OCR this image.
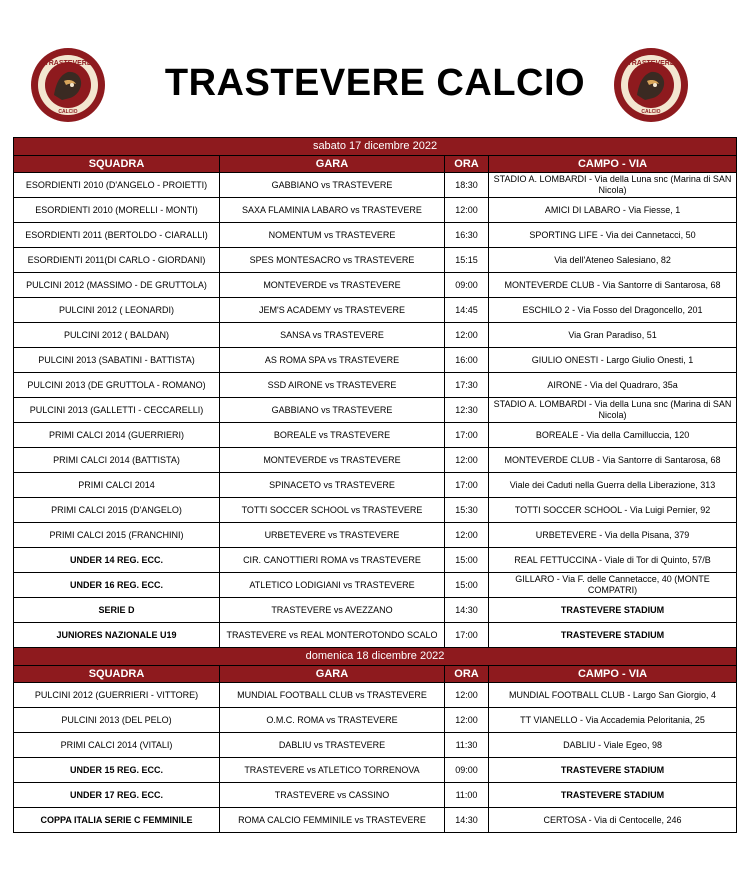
TRASTEVERE
CALCIO
TRASTEVERE CALCIO	TRASTEVERE
CALCIO
sabato 17 dicembre 2022			
SQUADRA	GARA	ORA	CAMPO - VIA
ESORDIENTI 2010 (D'ANGELO - PROIETTI)	GABBIANO vs TRASTEVERE	18:30	STADIO A. LOMBARDI - Via della Luna snc (Marina di SAN Nicola)
ESORDIENTI 2010 (MORELLI - MONTI)	SAXA FLAMINIA LABARO vs TRASTEVERE	12:00	AMICI DI LABARO - Via Fiesse, 1
ESORDIENTI 2011 (BERTOLDO - CIARALLI)	NOMENTUM vs TRASTEVERE	16:30	SPORTING LIFE - Via dei Cannetacci, 50
ESORDIENTI 2011(DI CARLO - GIORDANI)	SPES MONTESACRO vs TRASTEVERE	15:15	Via dell'Ateneo Salesiano, 82
PULCINI 2012 (MASSIMO - DE GRUTTOLA)	MONTEVERDE vs TRASTEVERE	09:00	MONTEVERDE CLUB - Via Santorre di Santarosa, 68
PULCINI 2012 ( LEONARDI)	JEM'S ACADEMY vs TRASTEVERE	14:45	ESCHILO 2 - Via Fosso del Dragoncello, 201
PULCINI 2012 ( BALDAN)	SANSA vs TRASTEVERE	12:00	Via Gran Paradiso, 51
PULCINI 2013 (SABATINI - BATTISTA)	AS ROMA SPA vs TRASTEVERE	16:00	GIULIO ONESTI - Largo Giulio Onesti, 1
PULCINI 2013 (DE GRUTTOLA - ROMANO)	SSD AIRONE vs TRASTEVERE	17:30	AIRONE - Via del Quadraro, 35a
PULCINI 2013 (GALLETTI - CECCARELLI)	GABBIANO vs TRASTEVERE	12:30	STADIO A. LOMBARDI - Via della Luna snc (Marina di SAN Nicola)
PRIMI CALCI 2014 (GUERRIERI)	BOREALE vs TRASTEVERE	17:00	BOREALE - Via della Camilluccia, 120
PRIMI CALCI 2014 (BATTISTA)	MONTEVERDE vs TRASTEVERE	12:00	MONTEVERDE CLUB - Via Santorre di Santarosa, 68
PRIMI CALCI 2014	SPINACETO vs TRASTEVERE	17:00	Viale dei Caduti nella Guerra della Liberazione, 313
PRIMI CALCI 2015 (D'ANGELO)	TOTTI SOCCER SCHOOL vs TRASTEVERE	15:30	TOTTI SOCCER SCHOOL - Via Luigi Pernier, 92
PRIMI CALCI 2015 (FRANCHINI)	URBETEVERE vs TRASTEVERE	12:00	URBETEVERE - Via della Pisana, 379
UNDER 14 REG. ECC.	CIR. CANOTTIERI ROMA vs TRASTEVERE	15:00	REAL FETTUCCINA - Viale di Tor di Quinto, 57/B
UNDER 16 REG. ECC.	ATLETICO LODIGIANI vs TRASTEVERE	15:00	GILLARO - Via F. delle Cannetacce, 40 (MONTE COMPATRI)
SERIE D	TRASTEVERE vs AVEZZANO	14:30	TRASTEVERE STADIUM
JUNIORES NAZIONALE U19	TRASTEVERE vs REAL MONTEROTONDO SCALO	17:00	TRASTEVERE STADIUM
domenica 18 dicembre 2022			
SQUADRA	GARA	ORA	CAMPO - VIA
PULCINI 2012 (GUERRIERI - VITTORE)	MUNDIAL FOOTBALL CLUB vs TRASTEVERE	12:00	MUNDIAL FOOTBALL CLUB - Largo San Giorgio, 4
PULCINI 2013 (DEL PELO)	O.M.C. ROMA vs TRASTEVERE	12:00	TT VIANELLO - Via Accademia Peloritania, 25
PRIMI CALCI 2014 (VITALI)	DABLIU vs TRASTEVERE	11:30	DABLIU - Viale Egeo, 98
UNDER 15 REG. ECC.	TRASTEVERE vs ATLETICO TORRENOVA	09:00	TRASTEVERE STADIUM
UNDER 17 REG. ECC.	TRASTEVERE vs CASSINO	11:00	TRASTEVERE STADIUM
COPPA ITALIA SERIE C FEMMINILE	ROMA CALCIO FEMMINILE vs TRASTEVERE	14:30	CERTOSA - Via di Centocelle, 246
